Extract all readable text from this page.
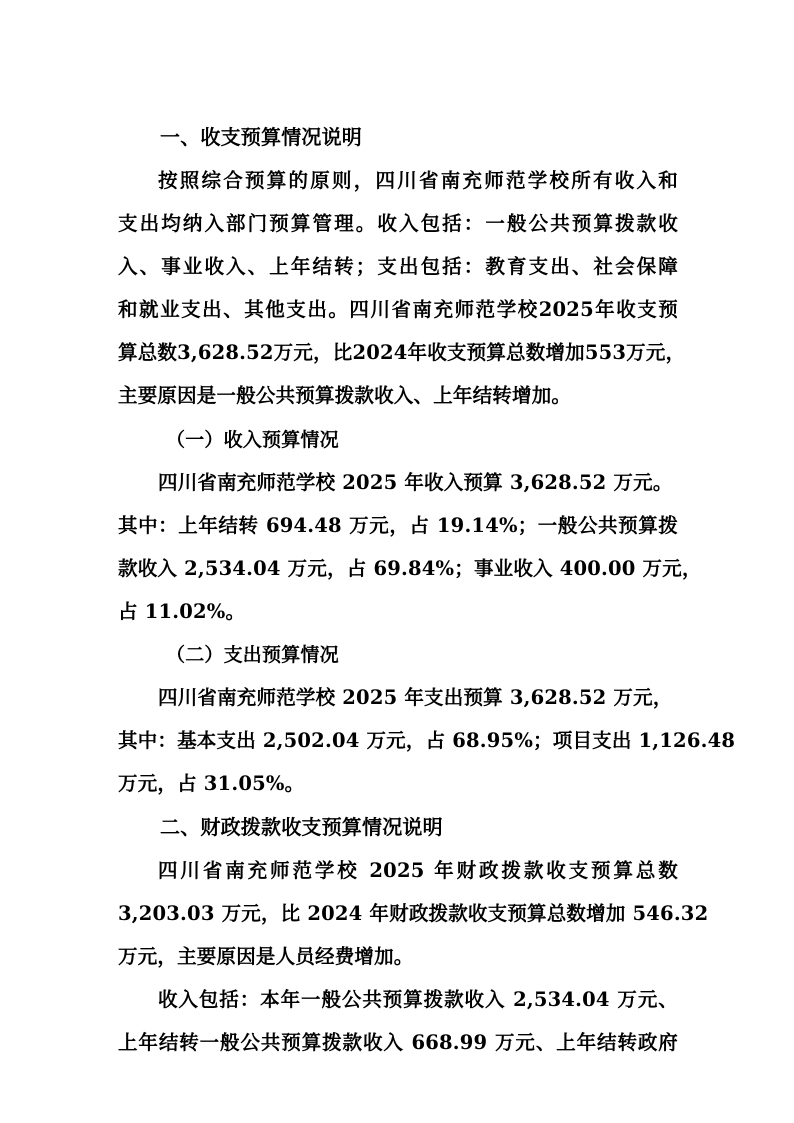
一、收支预算情况说明
按照综合预算的原则，四川省南充师范学校所有收入和
支出均纳入部门预算管理。收入包括：一般公共预算拨款收
入、事业收入、上年结转；支出包括：教育支出、社会保障
和就业支出、其他支出。四川省南充师范学校2025年收支预
算总数3,628.52万元，比2024年收支预算总数增加553万元，
主要原因是一般公共预算拨款收入、上年结转增加。
（一）收入预算情况
四川省南充师范学校 2025 年收入预算 3,628.52 万元。
其中：上年结转 694.48 万元，占 19.14%；一般公共预算拨
款收入 2,534.04 万元，占 69.84%；事业收入 400.00 万元，
占 11.02%。
（二）支出预算情况
四川省南充师范学校 2025 年支出预算 3,628.52 万元，
其中：基本支出 2,502.04 万元，占 68.95%；项目支出 1,126.48
万元，占 31.05%。
二、财政拨款收支预算情况说明
四川省南充师范学校 2025 年财政拨款收支预算总数
3,203.03 万元，比 2024 年财政拨款收支预算总数增加 546.32
万元，主要原因是人员经费增加。
收入包括：本年一般公共预算拨款收入 2,534.04 万元、
上年结转一般公共预算拨款收入 668.99 万元、上年结转政府
